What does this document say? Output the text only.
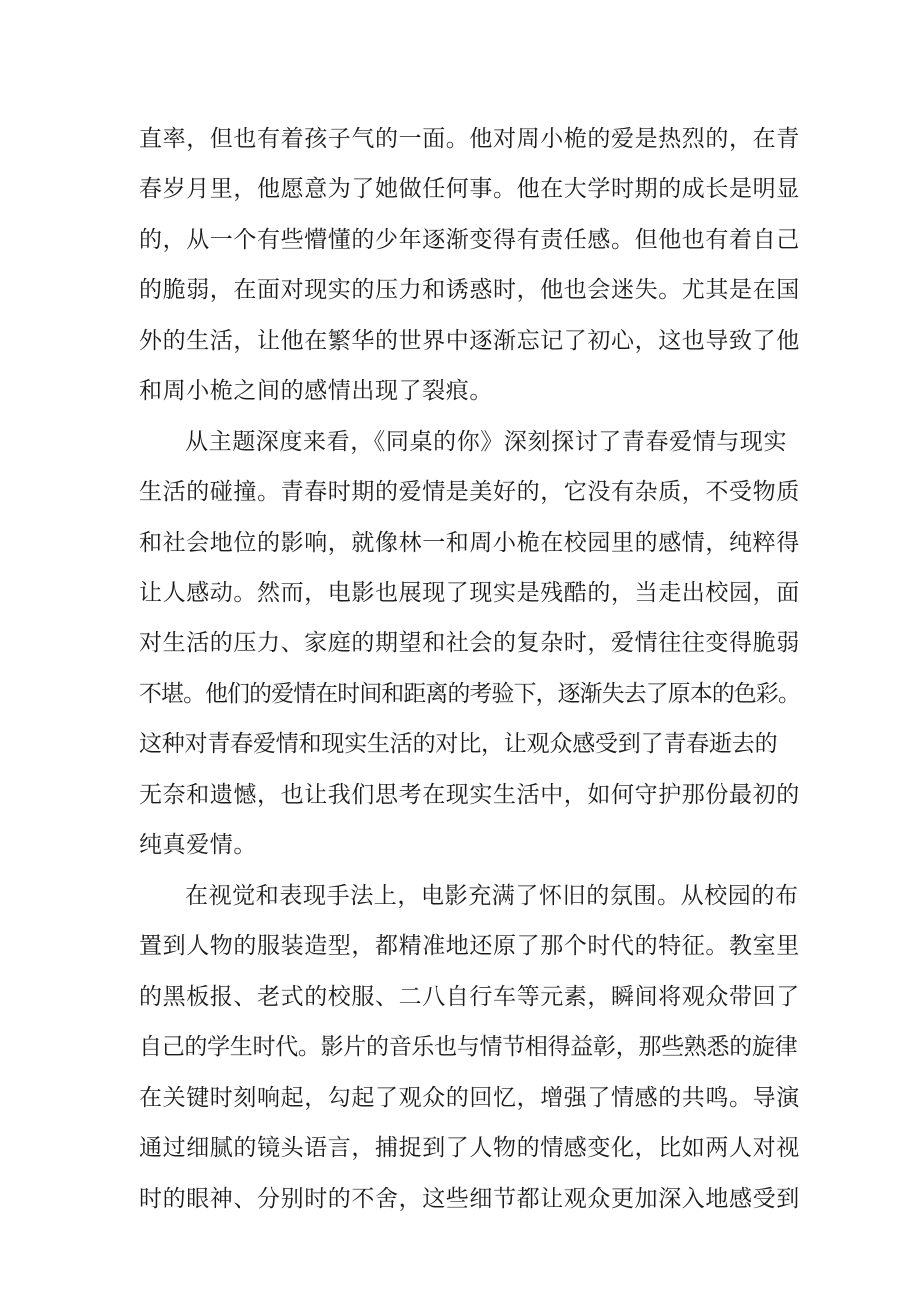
直率，但也有着孩子气的一面。他对周小桅的爱是热烈的，在青
春岁月里，他愿意为了她做任何事。他在大学时期的成长是明显
的，从一个有些懵懂的少年逐渐变得有责任感。但他也有着自己
的脆弱，在面对现实的压力和诱惑时，他也会迷失。尤其是在国
外的生活，让他在繁华的世界中逐渐忘记了初心，这也导致了他
和周小桅之间的感情出现了裂痕。
从主题深度来看，《同桌的你》深刻探讨了青春爱情与现实
生活的碰撞。青春时期的爱情是美好的，它没有杂质，不受物质
和社会地位的影响，就像林一和周小桅在校园里的感情，纯粹得
让人感动。然而，电影也展现了现实是残酷的，当走出校园，面
对生活的压力、家庭的期望和社会的复杂时，爱情往往变得脆弱
不堪。他们的爱情在时间和距离的考验下，逐渐失去了原本的色彩。
这种对青春爱情和现实生活的对比，让观众感受到了青春逝去的
无奈和遗憾，也让我们思考在现实生活中，如何守护那份最初的
纯真爱情。
在视觉和表现手法上，电影充满了怀旧的氛围。从校园的布
置到人物的服装造型，都精准地还原了那个时代的特征。教室里
的黑板报、老式的校服、二八自行车等元素，瞬间将观众带回了
自己的学生时代。影片的音乐也与情节相得益彰，那些熟悉的旋律
在关键时刻响起，勾起了观众的回忆，增强了情感的共鸣。导演
通过细腻的镜头语言，捕捉到了人物的情感变化，比如两人对视
时的眼神、分别时的不舍，这些细节都让观众更加深入地感受到
